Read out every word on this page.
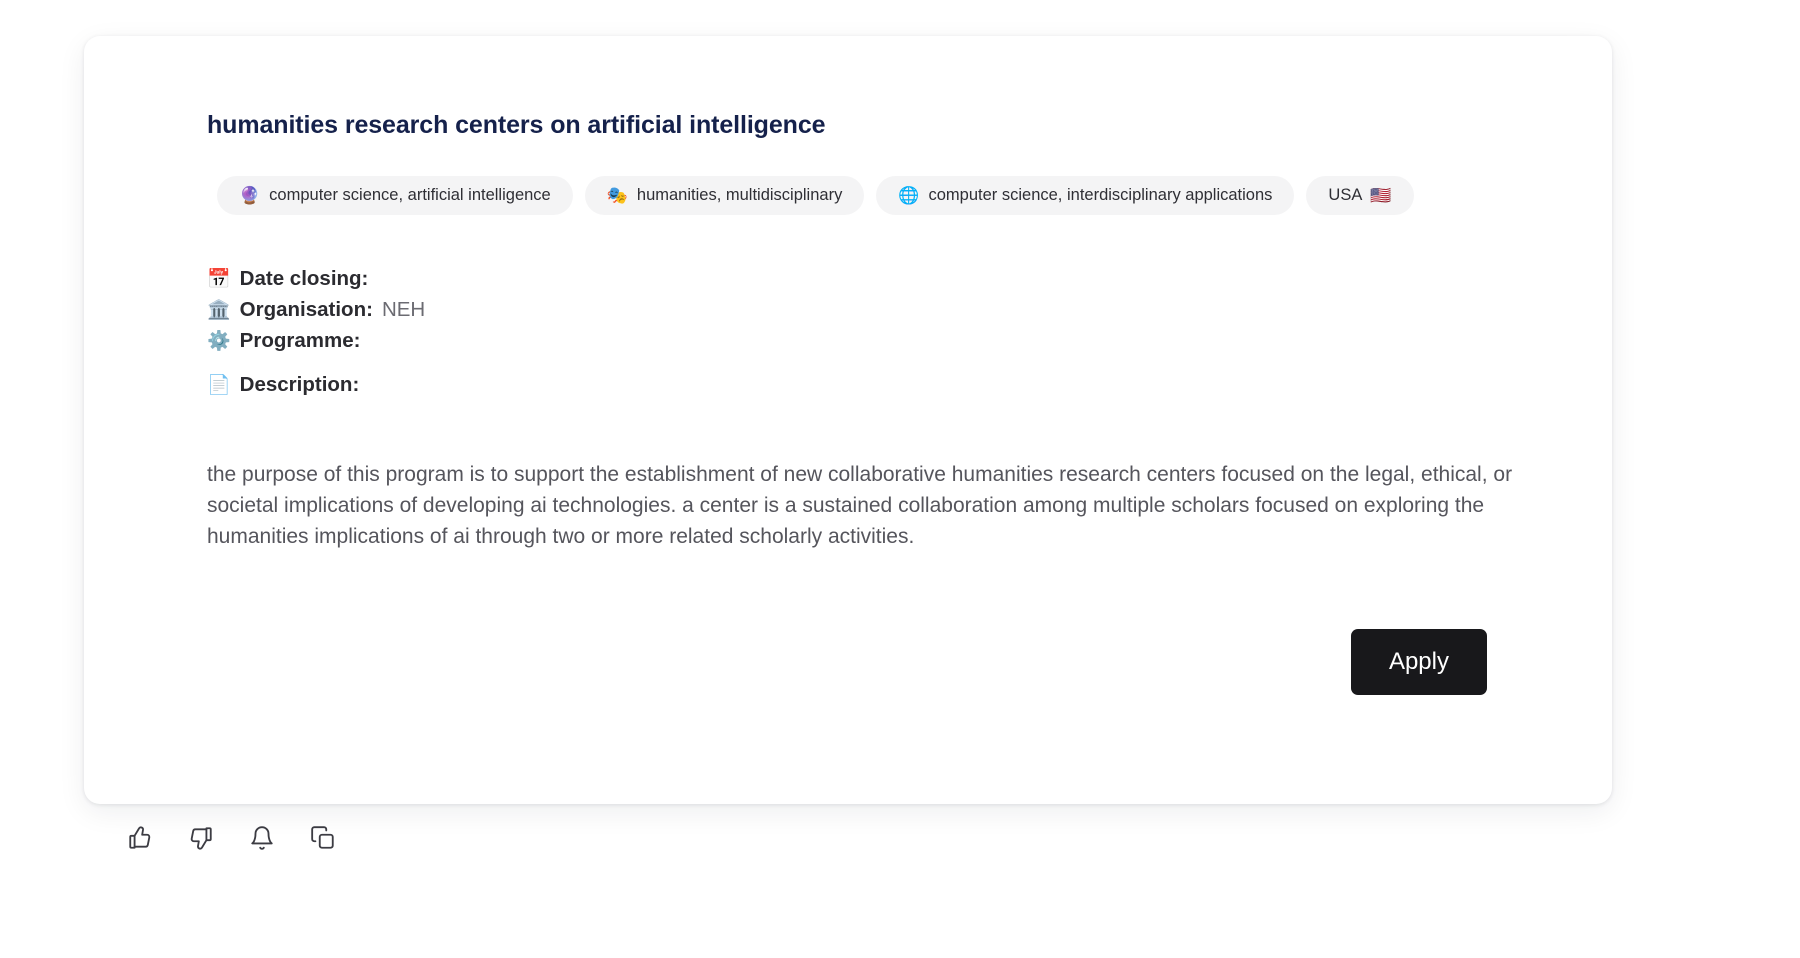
humanities research centers on artificial intelligence
🔮 computer science, artificial intelligence	🎭 humanities, multidisciplinary	🌐 computer science, interdisciplinary applications	USA 🇺🇸
📅 Date closing:
🏛️ Organisation: NEH
⚙️ Programme:
📄 Description:

the purpose of this program is to support the establishment of new collaborative humanities research centers focused on the legal, ethical, or societal implications of developing ai technologies. a center is a sustained collaboration among multiple scholars focused on exploring the humanities implications of ai through two or more related scholarly activities.

Apply
